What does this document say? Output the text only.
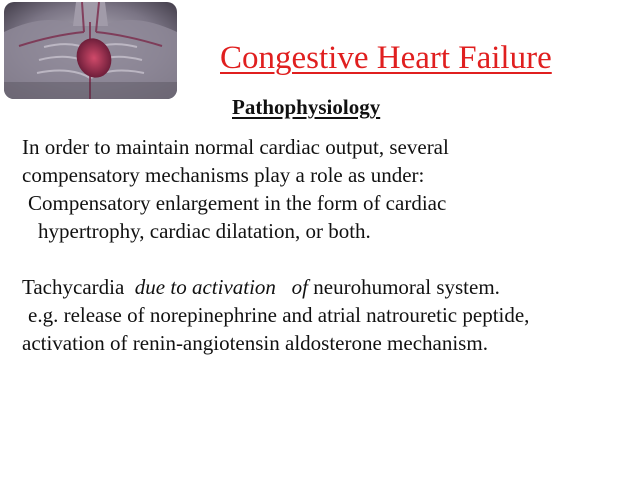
Congestive Heart Failure
Pathophysiology
In order to maintain normal cardiac output, several
compensatory mechanisms play a role as under:
Compensatory enlargement in the form of cardiac
hypertrophy, cardiac dilatation, or both.
Tachycardia  due to activation   of neurohumoral system.
e.g. release of norepinephrine and atrial natrouretic peptide,
activation of renin-angiotensin aldosterone mechanism.
